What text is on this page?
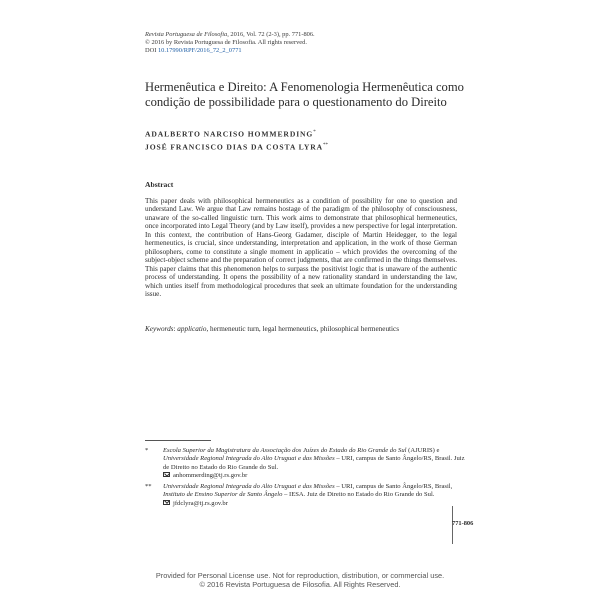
Revista Portuguesa de Filosofia, 2016, Vol. 72 (2-3), pp. 771-806.
© 2016 by Revista Portuguesa de Filosofia. All rights reserved.
DOI 10.17990/RPF/2016_72_2_0771
Hermenêutica e Direito: A Fenomenologia Hermenêutica como
condição de possibilidade para o questionamento do Direito
ADALBERTO NARCISO HOMMERDING*
JOSÉ FRANCISCO DIAS DA COSTA LYRA**
Abstract
This paper deals with philosophical hermeneutics as a condition of possibility for one to question and understand Law. We argue that Law remains hostage of the paradigm of the philosophy of consciousness, unaware of the so-called linguistic turn. This work aims to demonstrate that philosophical hermeneutics, once incorporated into Legal Theory (and by Law itself), provides a new perspective for legal interpretation. In this context, the contribution of Hans-Georg Gadamer, disciple of Martin Heidegger, to the legal hermeneutics, is crucial, since understanding, interpretation and application, in the work of those German philosophers, come to constitute a single moment in applicatio – which provides the overcoming of the subject-object scheme and the preparation of correct judgments, that are confirmed in the things themselves. This paper claims that this phenomenon helps to surpass the positivist logic that is unaware of the authentic process of understanding. It opens the possibility of a new rationality standard in understanding the law, which unties itself from methodological procedures that seek an ultimate foundation for the understanding issue.
Keywords: applicatio, hermeneutic turn, legal hermeneutics, philosophical hermeneutics
* Escola Superior da Magistratura da Associação dos Juízes do Estado do Rio Grande do Sul (AJURIS) e Universidade Regional Integrada do Alto Uruguai e das Missões – URI, campus de Santo Ângelo/RS, Brasil. Juiz de Direito no Estado do Rio Grande do Sul.
anhommerding@tj.rs.gov.br
** Universidade Regional Integrada do Alto Uruguai e das Missões – URI, campus de Santo Ângelo/RS, Brasil, Instituto de Ensino Superior de Santo Ângelo – IESA. Juiz de Direito no Estado do Rio Grande do Sul.
jfdclyra@tj.rs.gov.br
771-806
Provided for Personal License use. Not for reproduction, distribution, or commercial use.
© 2016 Revista Portuguesa de Filosofia. All Rights Reserved.
